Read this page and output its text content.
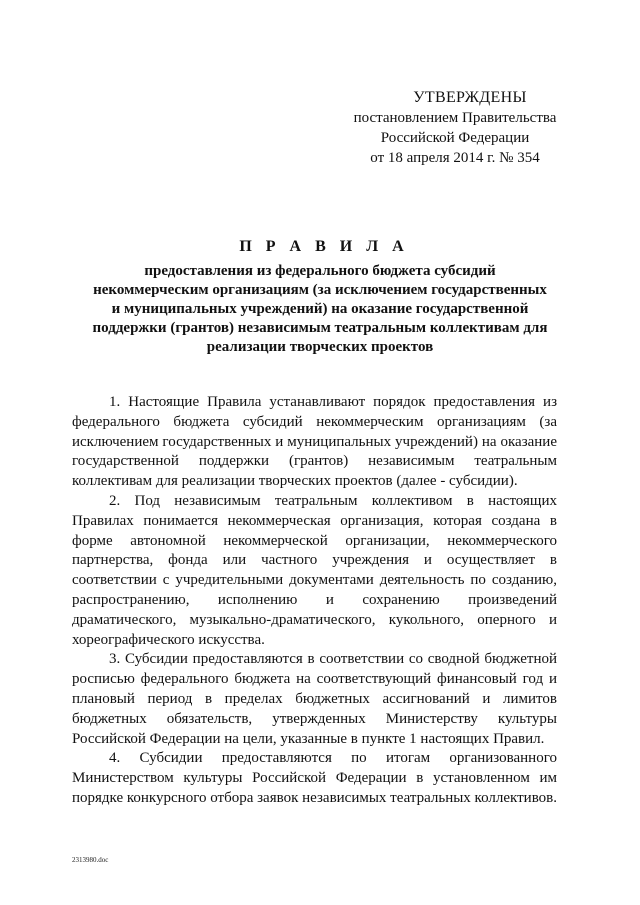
УТВЕРЖДЕНЫ
постановлением Правительства
Российской Федерации
от 18 апреля 2014 г. № 354
П Р А В И Л А
предоставления из федерального бюджета субсидий
некоммерческим организациям (за исключением государственных
и муниципальных учреждений) на оказание государственной
поддержки (грантов) независимым театральным коллективам для
реализации творческих проектов

1. Настоящие Правила устанавливают порядок предоставления из федерального бюджета субсидий некоммерческим организациям (за исключением государственных и муниципальных учреждений) на оказание государственной поддержки (грантов) независимым театральным коллективам для реализации творческих проектов (далее - субсидии).

2. Под независимым театральным коллективом в настоящих Правилах понимается некоммерческая организация, которая создана в форме автономной некоммерческой организации, некоммерческого партнерства, фонда или частного учреждения и осуществляет в соответствии с учредительными документами деятельность по созданию, распространению, исполнению и сохранению произведений драматического, музыкально-драматического, кукольного, оперного и хореографического искусства.

3. Субсидии предоставляются в соответствии со сводной бюджетной росписью федерального бюджета на соответствующий финансовый год и плановый период в пределах бюджетных ассигнований и лимитов бюджетных обязательств, утвержденных Министерству культуры Российской Федерации на цели, указанные в пункте 1 настоящих Правил.

4. Субсидии предоставляются по итогам организованного Министерством культуры Российской Федерации в установленном им порядке конкурсного отбора заявок независимых театральных коллективов.

2313980.doc
